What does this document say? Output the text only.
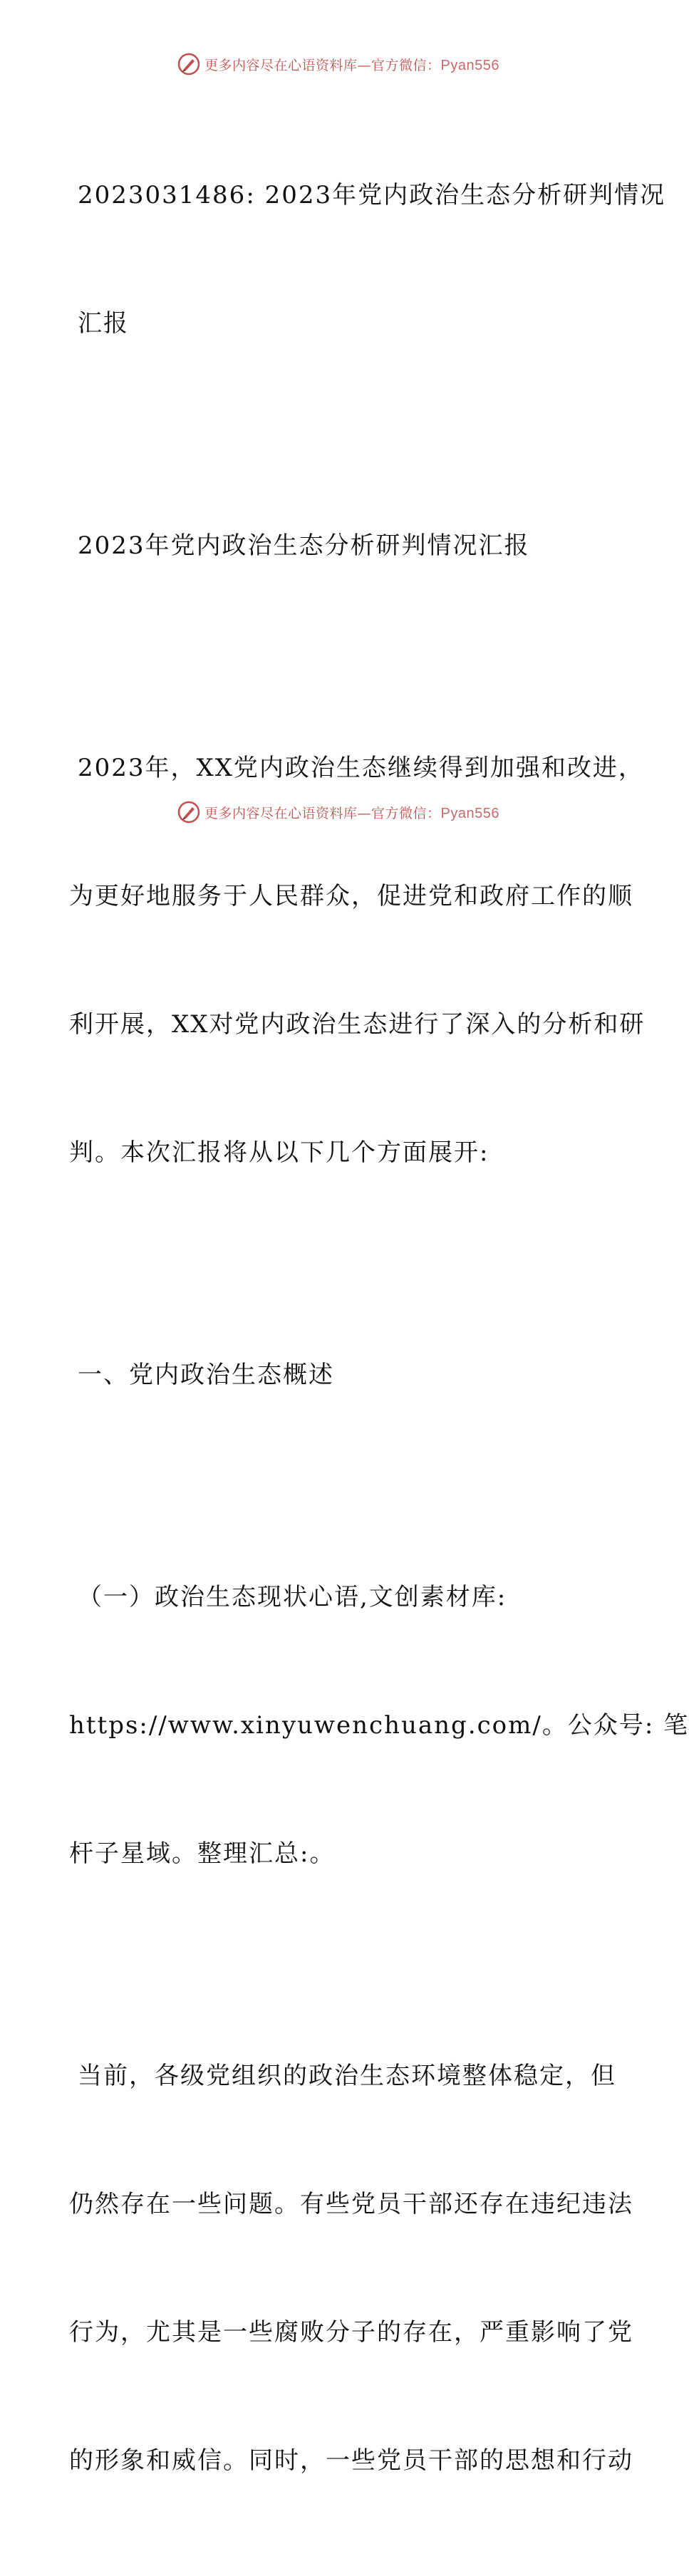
更多内容尽在心语资料库—官方微信：Pyan556

2023031486: 2023年党内政治生态分析研判情况

汇报

2023年党内政治生态分析研判情况汇报

2023年，XX党内政治生态继续得到加强和改进，

为更好地服务于人民群众，促进党和政府工作的顺

利开展，XX对党内政治生态进行了深入的分析和研

判。本次汇报将从以下几个方面展开:

一、党内政治生态概述

（一）政治生态现状心语,文创素材库:

https://www.xinyuwenchuang.com/。公众号: 笔

杆子星域。整理汇总:。

当前，各级党组织的政治生态环境整体稳定，但

仍然存在一些问题。有些党员干部还存在违纪违法

行为，尤其是一些腐败分子的存在，严重影响了党

的形象和威信。同时，一些党员干部的思想和行动

更多内容尽在心语资料库—官方微信：Pyan556
